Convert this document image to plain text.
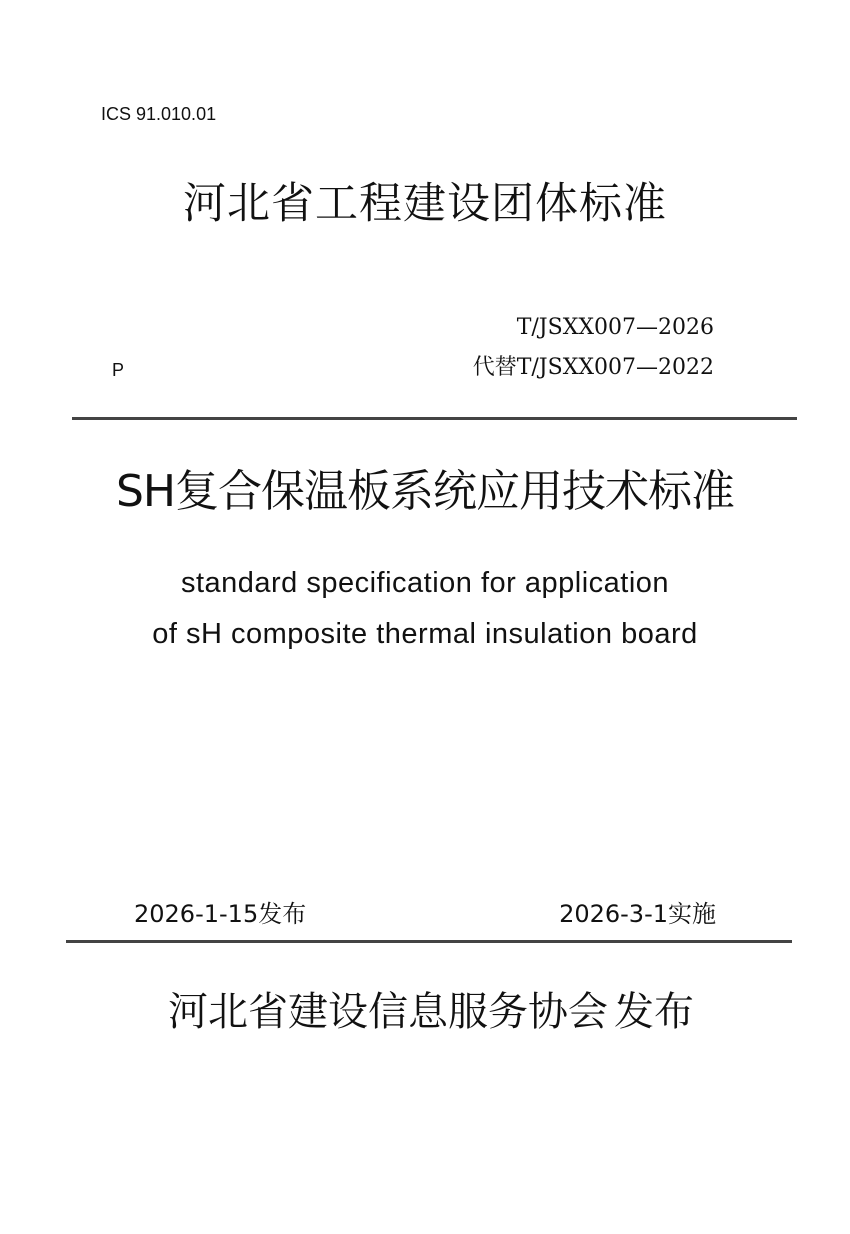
ICS 91.010.01
河北省工程建设团体标准
T/JSXX007—2026
代替T/JSXX007—2022
P
SH复合保温板系统应用技术标准
standard specification for application
of sH composite thermal insulation board
2026-1-15发布	2026-3-1实施
河北省建设信息服务协会 发布
